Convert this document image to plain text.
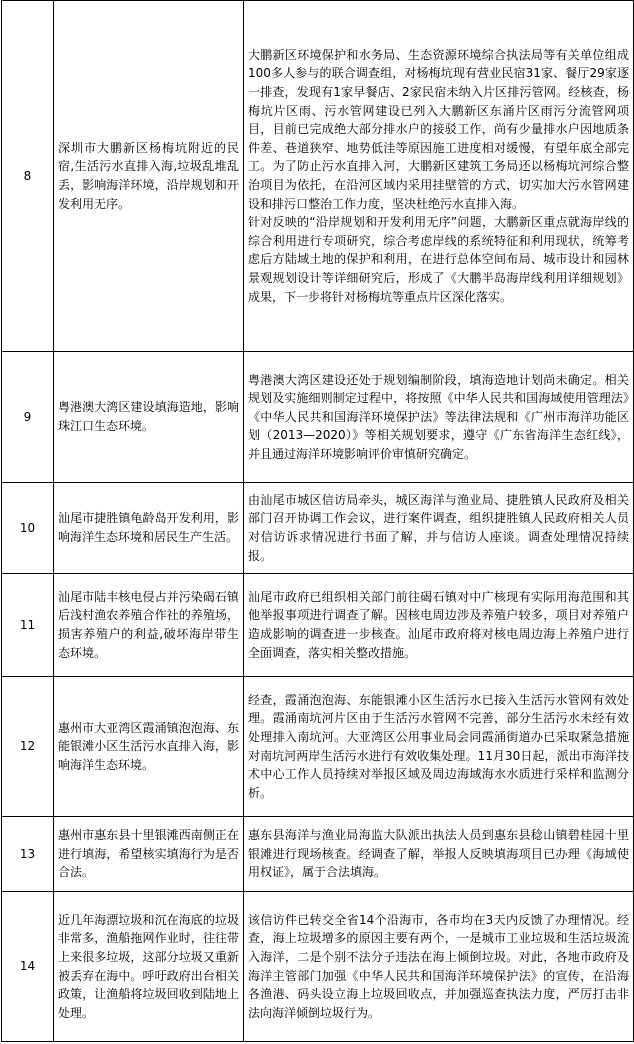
8	深圳市大鹏新区杨梅坑附近的民宿,生活污水直排入海,垃圾乱堆乱丢，影响海洋环境，沿岸规划和开发利用无序。	大鹏新区环境保护和水务局、生态资源环境综合执法局等有关单位组成100多人参与的联合调查组，对杨梅坑现有营业民宿31家、餐厅29家逐一排查，发现有1家早餐店、2家民宿未纳入片区排污管网。经核查，杨梅坑片区雨、污水管网建设已列入大鹏新区东涌片区雨污分流管网项目，目前已完成绝大部分排水户的接驳工作，尚有少量排水户因地质条件差、巷道狭窄、地势低洼等原因施工进度相对缓慢，有望年底全部完工。为了防止污水直排入河，大鹏新区建筑工务局还以杨梅坑河综合整治项目为依托，在沿河区域内采用挂壁管的方式，切实加大污水管网建设和排污口整治工作力度，坚决杜绝污水直排入海。
针对反映的“沿岸规划和开发利用无序”问题，大鹏新区重点就海岸线的综合利用进行专项研究，综合考虑岸线的系统特征和利用现状，统筹考虑后方陆域土地的保护和利用，在进行总体空间布局、城市设计和园林景观规划设计等详细研究后，形成了《大鹏半岛海岸线利用详细规划》成果，下一步将针对杨梅坑等重点片区深化落实。

9	粤港澳大湾区建设填海造地，影响珠江口生态环境。	粤港澳大湾区建设还处于规划编制阶段，填海造地计划尚未确定。相关规划及实施细则制定过程中，将按照《中华人民共和国海域使用管理法》《中华人民共和国海洋环境保护法》等法律法规和《广州市海洋功能区划（2013—2020）》等相关规划要求，遵守《广东省海洋生态红线》，并且通过海洋环境影响评价审慎研究确定。

10	汕尾市捷胜镇龟龄岛开发利用，影响海洋生态环境和居民生产生活。	由汕尾市城区信访局牵头，城区海洋与渔业局、捷胜镇人民政府及相关部门召开协调工作会议，进行案件调查，组织捷胜镇人民政府相关人员对信访诉求情况进行书面了解，并与信访人座谈。调查处理情况持续报。

11	汕尾市陆丰核电侵占并污染碣石镇后浅村渔农养殖合作社的养殖场，损害养殖户的利益,破坏海岸带生态环境。	汕尾市政府已组织相关部门前往碣石镇对中广核现有实际用海范围和其他举报事项进行调查了解。因核电周边涉及养殖户较多，项目对养殖户造成影响的调查进一步核查。汕尾市政府将对核电周边海上养殖户进行全面调查，落实相关整改措施。

12	惠州市大亚湾区霞涌镇泡泡海、东能银滩小区生活污水直排入海，影响海洋生态环境。	经查，霞涌泡泡海、东能银滩小区生活污水已接入生活污水管网有效处理。霞涌南坑河片区由于生活污水管网不完善，部分生活污水未经有效处理排入南坑河。大亚湾区公用事业局会同霞涌街道办已采取紧急措施对南坑河两岸生活污水进行有效收集处理。11月30日起，派出市海洋技术中心工作人员持续对举报区域及周边海域海水水质进行采样和监测分析。

13	惠州市惠东县十里银滩西南侧正在进行填海，希望核实填海行为是否合法。	惠东县海洋与渔业局海监大队派出执法人员到惠东县稔山镇碧桂园十里银滩进行现场核查。经调查了解，举报人反映填海项目已办理《海域使用权证》，属于合法填海。

14	近几年海漂垃圾和沉在海底的垃圾非常多，渔船拖网作业时，往往带上来很多垃圾，这部分垃圾又重新被丢弃在海中。呼吁政府出台相关政策，让渔船将垃圾回收到陆地上处理。	该信访件已转交全省14个沿海市，各市均在3天内反馈了办理情况。经查，海上垃圾增多的原因主要有两个，一是城市工业垃圾和生活垃圾流入海洋，二是个别不法分子违法在海上倾倒垃圾。对此，各地市政府及海洋主管部门加强《中华人民共和国海洋环境保护法》的宣传，在沿海各渔港、码头设立海上垃圾回收点，并加强巡查执法力度，严厉打击非法向海洋倾倒垃圾行为。
